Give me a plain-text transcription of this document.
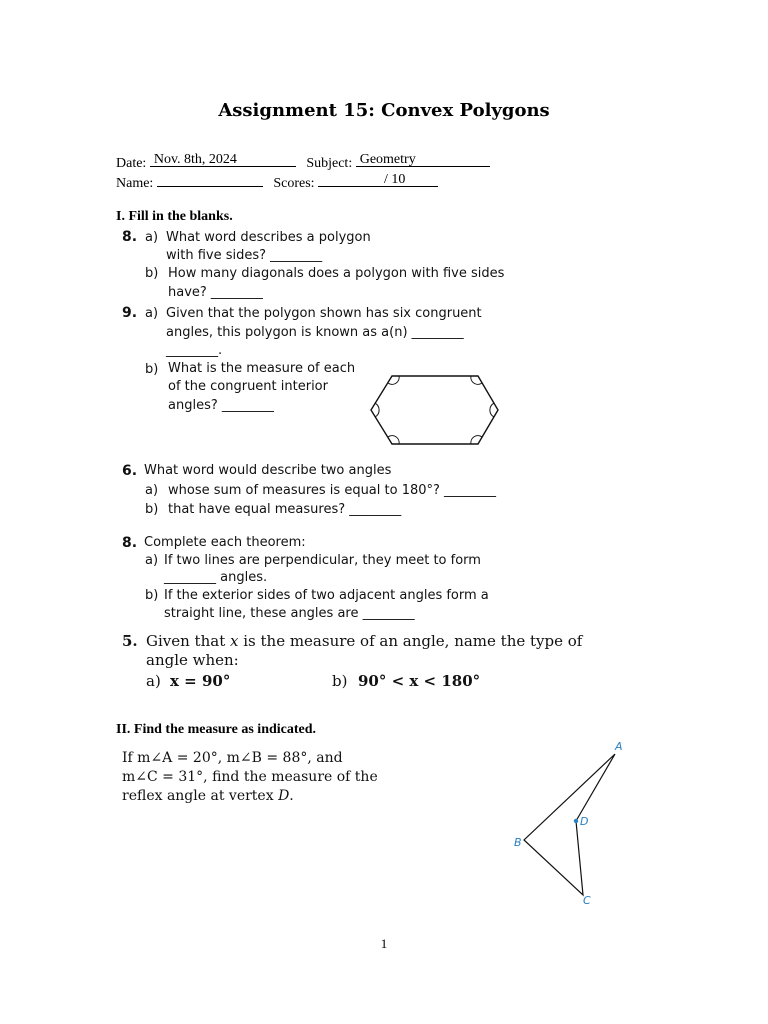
Assignment 15: Convex Polygons
Date: Nov. 8th, 2024	Subject: Geometry
Name:	Scores:	/ 10
I. Fill in the blanks.
8. a) What word describes a polygon
with five sides? ________
b) How many diagonals does a polygon with five sides
have? ________
9. a) Given that the polygon shown has six congruent
angles, this polygon is known as a(n) ________
________.
b) What is the measure of each
of the congruent interior
angles? ________
6. What word would describe two angles
a) whose sum of measures is equal to 180°? ________
b) that have equal measures? ________
8. Complete each theorem:
a) If two lines are perpendicular, they meet to form
________ angles.
b) If the exterior sides of two adjacent angles form a
straight line, these angles are ________
5. Given that x is the measure of an angle, name the type of
angle when:
a) x = 90°	b) 90° < x < 180°
II. Find the measure as indicated.
If m∠A = 20°, m∠B = 88°, and
m∠C = 31°, find the measure of the
reflex angle at vertex D.
A
B
C
D
1
